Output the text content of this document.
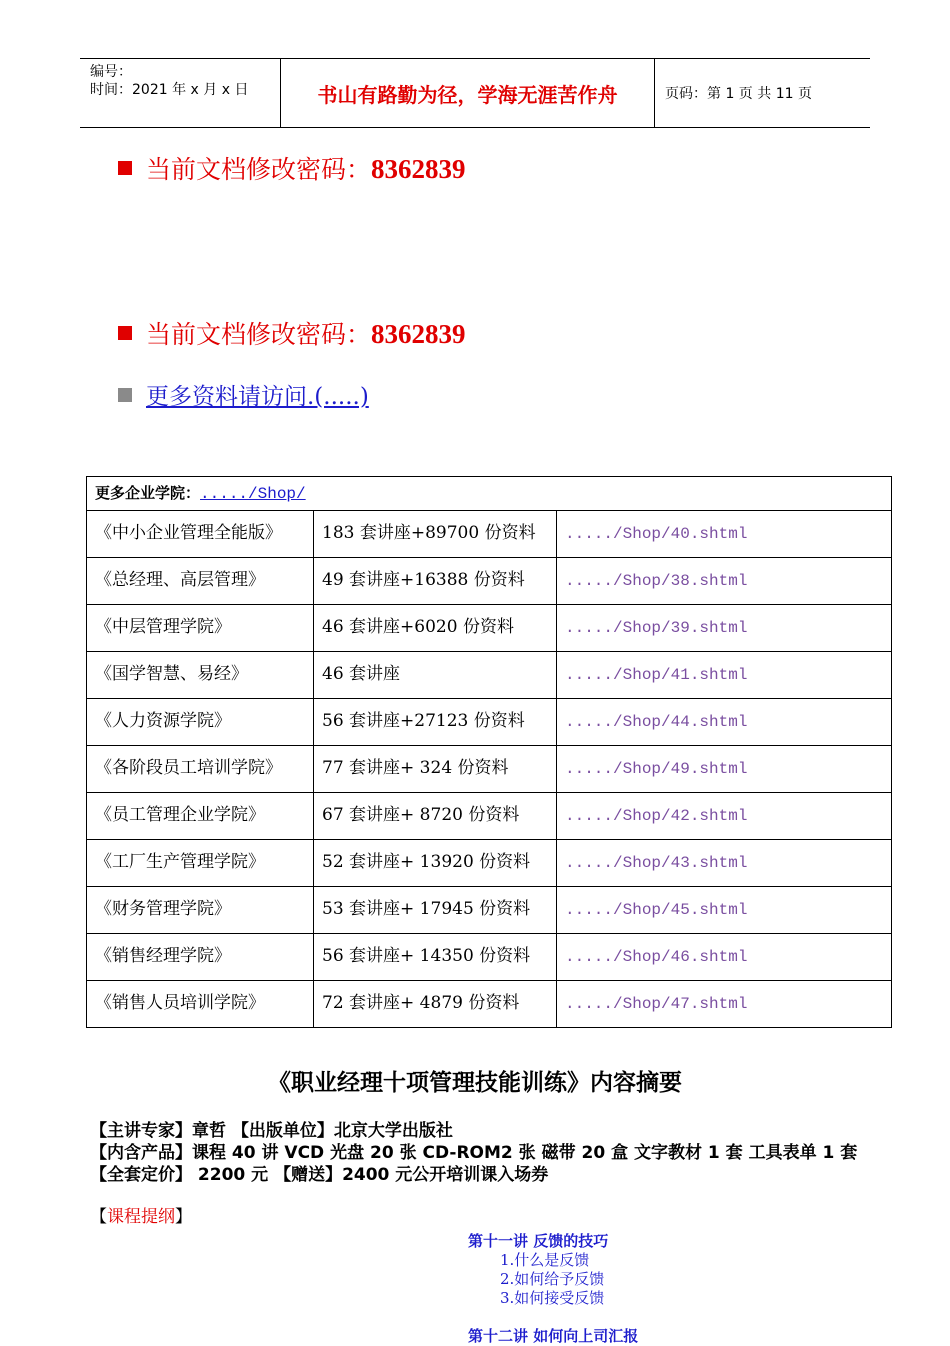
编号：
时间：2021 年 x 月 x 日	书山有路勤为径，学海无涯苦作舟	页码：第 1 页 共 11 页
当前文档修改密码：8362839
当前文档修改密码：8362839
更多资料请访问.(.....)
更多企业学院：...../Shop/		
《中小企业管理全能版》	183 套讲座+89700 份资料	...../Shop/40.shtml
《总经理、高层管理》	49 套讲座+16388 份资料	...../Shop/38.shtml
《中层管理学院》	46 套讲座+6020 份资料	...../Shop/39.shtml
《国学智慧、易经》	46 套讲座	...../Shop/41.shtml
《人力资源学院》	56 套讲座+27123 份资料	...../Shop/44.shtml
《各阶段员工培训学院》	77 套讲座+ 324 份资料	...../Shop/49.shtml
《员工管理企业学院》	67 套讲座+ 8720 份资料	...../Shop/42.shtml
《工厂生产管理学院》	52 套讲座+ 13920 份资料	...../Shop/43.shtml
《财务管理学院》	53 套讲座+ 17945 份资料	...../Shop/45.shtml
《销售经理学院》	56 套讲座+ 14350 份资料	...../Shop/46.shtml
《销售人员培训学院》	72 套讲座+ 4879 份资料	...../Shop/47.shtml
《职业经理十项管理技能训练》内容摘要
【主讲专家】章哲 【出版单位】北京大学出版社
【内含产品】课程 40 讲 VCD 光盘 20 张 CD-ROM2 张 磁带 20 盒 文字教材 1 套 工具表单 1 套
【全套定价】 2200 元 【赠送】2400 元公开培训课入场券
【课程提纲】
第十一讲 反馈的技巧
1.什么是反馈
2.如何给予反馈
3.如何接受反馈
第十二讲 如何向上司汇报
